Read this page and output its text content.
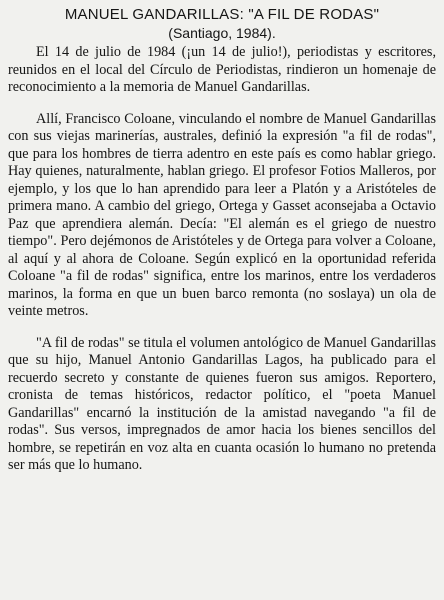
MANUEL GANDARILLAS: "A FIL DE RODAS"

(Santiago, 1984).

El 14 de julio de 1984 (¡un 14 de julio!), periodistas y escritores, reunidos en el local del Círculo de Periodistas, rindieron un homenaje de reconocimiento a la memoria de Manuel Gandarillas.

Allí, Francisco Coloane, vinculando el nombre de Manuel Gandarillas con sus viejas marinerías, australes, definió la expresión "a fil de rodas", que para los hombres de tierra adentro en este país es como hablar griego. Hay quienes, naturalmente, hablan griego. El profesor Fotios Malleros, por ejemplo, y los que lo han aprendido para leer a Platón y a Aristóteles de primera mano. A cambio del griego, Ortega y Gasset aconsejaba a Octavio Paz que aprendiera alemán. Decía: "El alemán es el griego de nuestro tiempo". Pero dejémonos de Aristóteles y de Ortega para volver a Coloane, al aquí y al ahora de Coloane. Según explicó en la oportunidad referida Coloane "a fil de rodas" significa, entre los marinos, entre los verdaderos marinos, la forma en que un buen barco remonta (no soslaya) un ola de veinte metros.

"A fil de rodas" se titula el volumen antológico de Manuel Gandarillas que su hijo, Manuel Antonio Gandarillas Lagos, ha publicado para el recuerdo secreto y constante de quienes fueron sus amigos. Reportero, cronista de temas históricos, redactor político, el "poeta Manuel Gandarillas" encarnó la institución de la amistad navegando "a fil de rodas". Sus versos, impregnados de amor hacia los bienes sencillos del hombre, se repetirán en voz alta en cuanta ocasión lo humano no pretenda ser más que lo humano.
